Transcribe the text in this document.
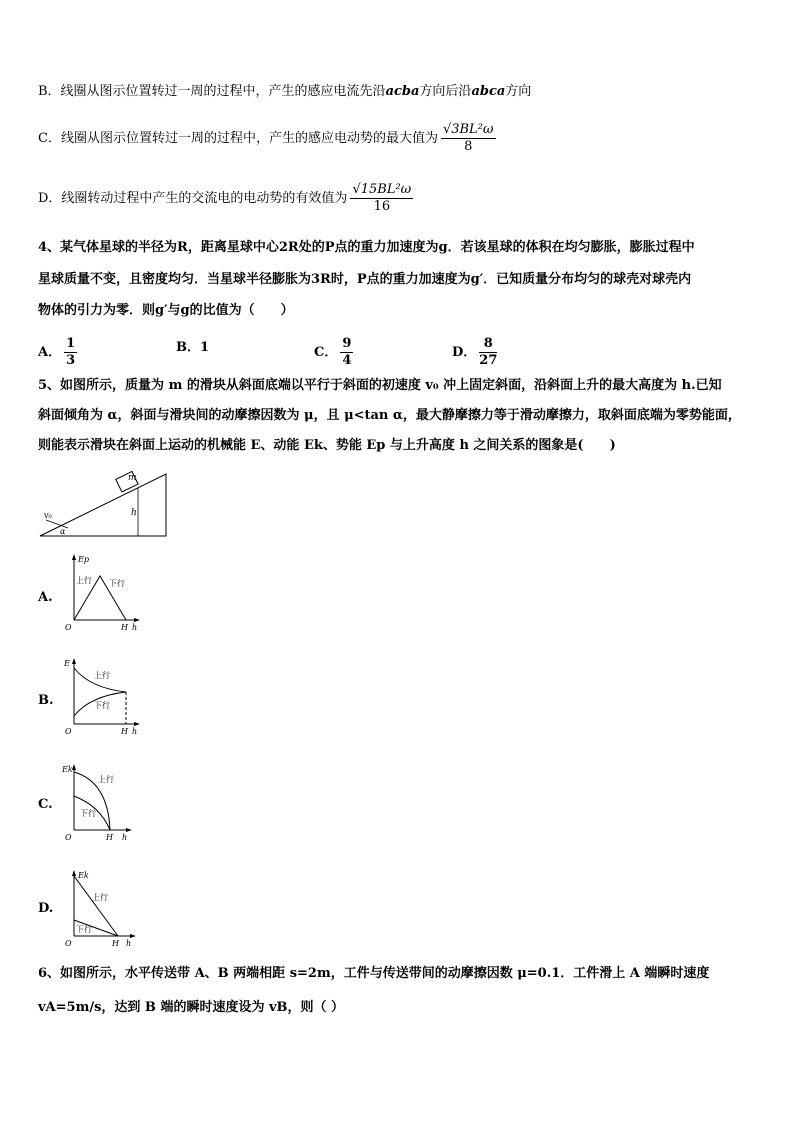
B．线圈从图示位置转过一周的过程中，产生的感应电流先沿acba方向后沿abca方向
C．线圈从图示位置转过一周的过程中，产生的感应电动势的最大值为 $\frac{\text{√3BL²ω}}{8}$
D．线圈转动过程中产生的交流电的电动势的有效值为 $\frac{\text{√15BL²ω}}{16}$
4、某气体星球的半径为R，距离星球中心2R处的P点的重力加速度为g．若该星球的体积在均匀膨胀，膨胀过程中
星球质量不变，且密度均匀．当星球半径膨胀为3R时，P点的重力加速度为g′．已知质量分布均匀的球壳对球壳内
物体的引力为零．则g′与g的比值为（　　）
A． $\frac{1}{3}$	B．1	C． $\frac{9}{4}$	D． $\frac{8}{27}$
5、如图所示，质量为 m 的滑块从斜面底端以平行于斜面的初速度 v₀ 冲上固定斜面，沿斜面上升的最大高度为 h.已知
斜面倾角为 α，斜面与滑块间的动摩擦因数为 μ，且 μ<tan α，最大静摩擦力等于滑动摩擦力，取斜面底端为零势能面，
则能表示滑块在斜面上运动的机械能 E、动能 Ek、势能 Ep 与上升高度 h 之间关系的图象是(　　)
m
h
v₀
α
A.
Ep
上行 下行
O	H h
B.
E
上行
下行
O	H h
C.
Ek
上行
下行
O	H h
D.
Ek
上行
下行
O	H h
6、如图所示，水平传送带 A、B 两端相距 s=2m，工件与传送带间的动摩擦因数 μ=0.1．工件滑上 A 端瞬时速度
vA=5m/s，达到 B 端的瞬时速度设为 vB，则（ ）
